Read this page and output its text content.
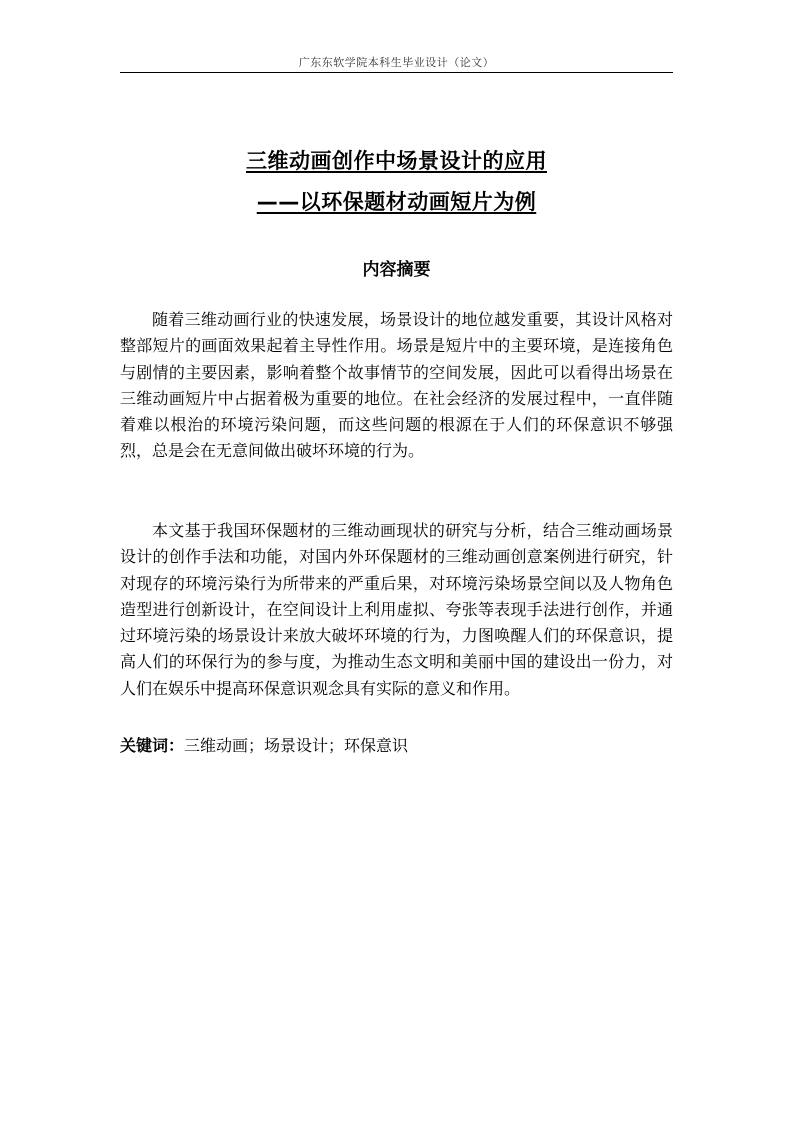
广东东软学院本科生毕业设计（论文）
三维动画创作中场景设计的应用
——以环保题材动画短片为例
内容摘要

随着三维动画行业的快速发展，场景设计的地位越发重要，其设计风格对整部短片的画面效果起着主导性作用。场景是短片中的主要环境，是连接角色与剧情的主要因素，影响着整个故事情节的空间发展，因此可以看得出场景在三维动画短片中占据着极为重要的地位。在社会经济的发展过程中，一直伴随着难以根治的环境污染问题，而这些问题的根源在于人们的环保意识不够强烈，总是会在无意间做出破坏环境的行为。

本文基于我国环保题材的三维动画现状的研究与分析，结合三维动画场景设计的创作手法和功能，对国内外环保题材的三维动画创意案例进行研究，针对现存的环境污染行为所带来的严重后果，对环境污染场景空间以及人物角色造型进行创新设计，在空间设计上利用虚拟、夸张等表现手法进行创作，并通过环境污染的场景设计来放大破坏环境的行为，力图唤醒人们的环保意识，提高人们的环保行为的参与度，为推动生态文明和美丽中国的建设出一份力，对人们在娱乐中提高环保意识观念具有实际的意义和作用。

关键词：三维动画；场景设计；环保意识
